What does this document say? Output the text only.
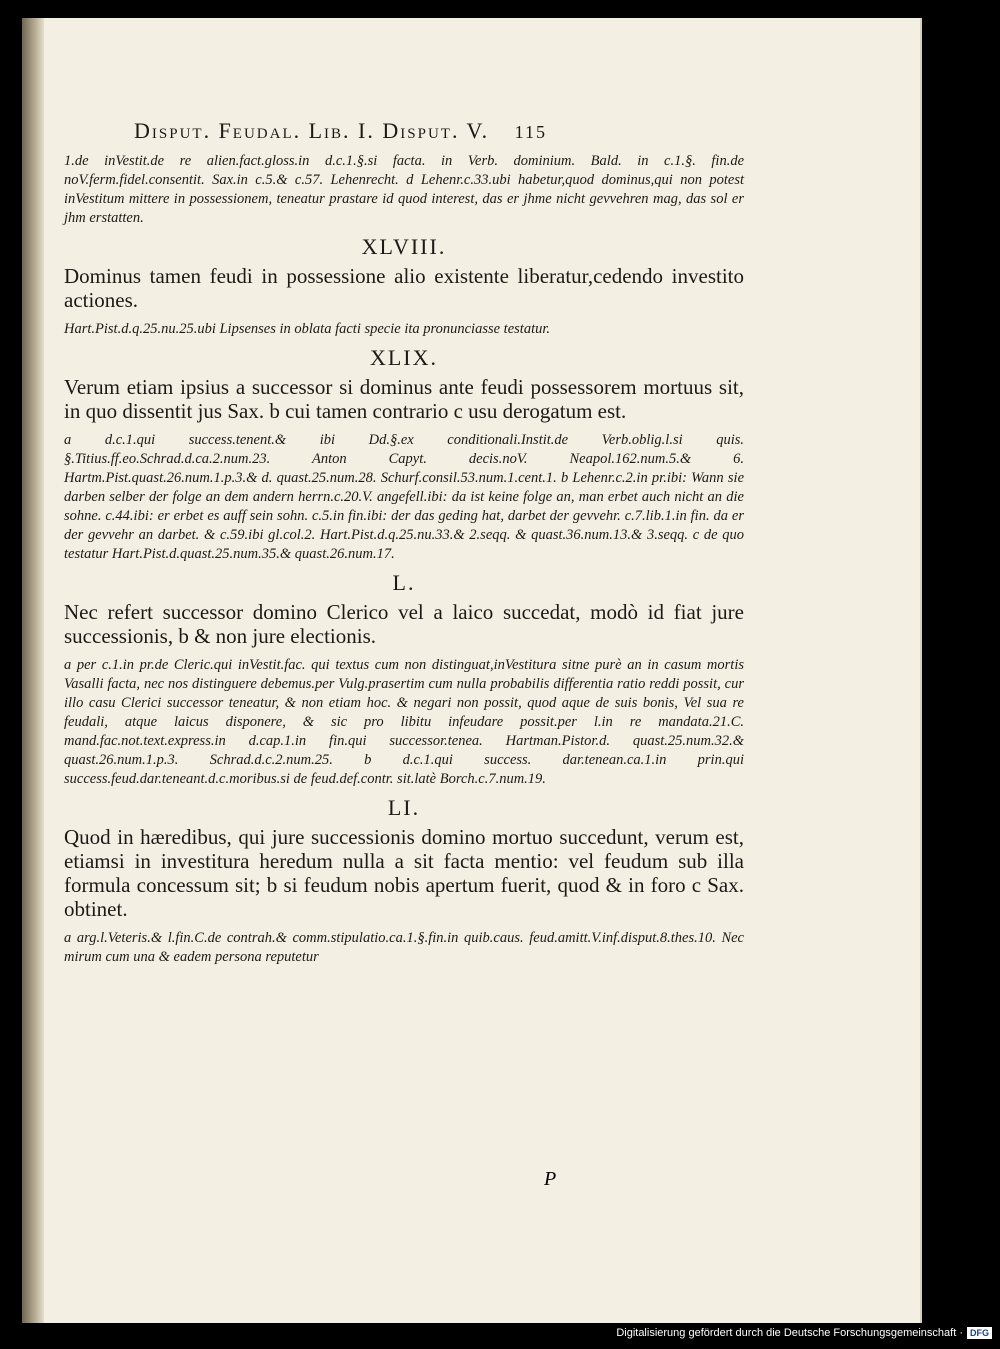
Disput. Feudal. Lib. I. Disput. V. 115

1.de inVestit.de re alien.fact.gloss.in d.c.1.§.si facta. in Verb. dominium. Bald. in c.1.§. fin.de noV.ferm.fidel.consentit. Sax.in c.5.& c.57. Lehenrecht. d Lehenr.c.33.ubi habetur,quod dominus,qui non potest inVestitum mittere in possessionem, teneatur prastare id quod interest, das er jhme nicht gevvehren mag, das sol er jhm erstatten.

XLVIII.

Dominus tamen feudi in possessione alio existente liberatur,cedendo investito actiones.

Hart.Pist.d.q.25.nu.25.ubi Lipsenses in oblata facti specie ita pronunciasse testatur.

XLIX.

Verum etiam ipsius a successor si dominus ante feudi possessorem mortuus sit, in quo dissentit jus Sax. b cui tamen contrario c usu derogatum est.

a d.c.1.qui success.tenent.& ibi Dd.§.ex conditionali.Instit.de Verb.oblig.l.si quis. §.Titius.ff.eo.Schrad.d.ca.2.num.23. Anton Capyt. decis.noV. Neapol.162.num.5.& 6. Hartm.Pist.quast.26.num.1.p.3.& d. quast.25.num.28. Schurf.consil.53.num.1.cent.1. b Lehenr.c.2.in pr.ibi: Wann sie darben selber der folge an dem andern herrn.c.20.V. angefell.ibi: da ist keine folge an, man erbet auch nicht an die sohne. c.44.ibi: er erbet es auff sein sohn. c.5.in fin.ibi: der das geding hat, darbet der gevvehr. c.7.lib.1.in fin. da er der gevvehr an darbet. & c.59.ibi gl.col.2. Hart.Pist.d.q.25.nu.33.& 2.seqq. & quast.36.num.13.& 3.seqq. c de quo testatur Hart.Pist.d.quast.25.num.35.& quast.26.num.17.

L.

Nec refert successor domino Clerico vel a laico succedat, modò id fiat jure successionis, b & non jure electionis.

a per c.1.in pr.de Cleric.qui inVestit.fac. qui textus cum non distinguat,inVestitura sitne purè an in casum mortis Vasalli facta, nec nos distinguere debemus.per Vulg.prasertim cum nulla probabilis differentia ratio reddi possit, cur illo casu Clerici successor teneatur, & non etiam hoc. & negari non possit, quod aque de suis bonis, Vel sua re feudali, atque laicus disponere, & sic pro libitu infeudare possit.per l.in re mandata.21.C. mand.fac.not.text.express.in d.cap.1.in fin.qui successor.tenea. Hartman.Pistor.d. quast.25.num.32.& quast.26.num.1.p.3. Schrad.d.c.2.num.25. b d.c.1.qui success. dar.tenean.ca.1.in prin.qui success.feud.dar.teneant.d.c.moribus.si de feud.def.contr. sit.latè Borch.c.7.num.19.

LI.

Quod in hæredibus, qui jure successionis domino mortuo succedunt, verum est, etiamsi in investitura heredum nulla a sit facta mentio: vel feudum sub illa formula concessum sit; b si feudum nobis apertum fuerit, quod & in foro c Sax. obtinet.

a arg.l.Veteris.& l.fin.C.de contrah.& comm.stipulatio.ca.1.§.fin.in quib.caus. feud.amitt.V.inf.disput.8.thes.10. Nec mirum cum una & eadem persona reputetur

P
Digitalisierung gefördert durch die Deutsche Forschungsgemeinschaft · DFG
